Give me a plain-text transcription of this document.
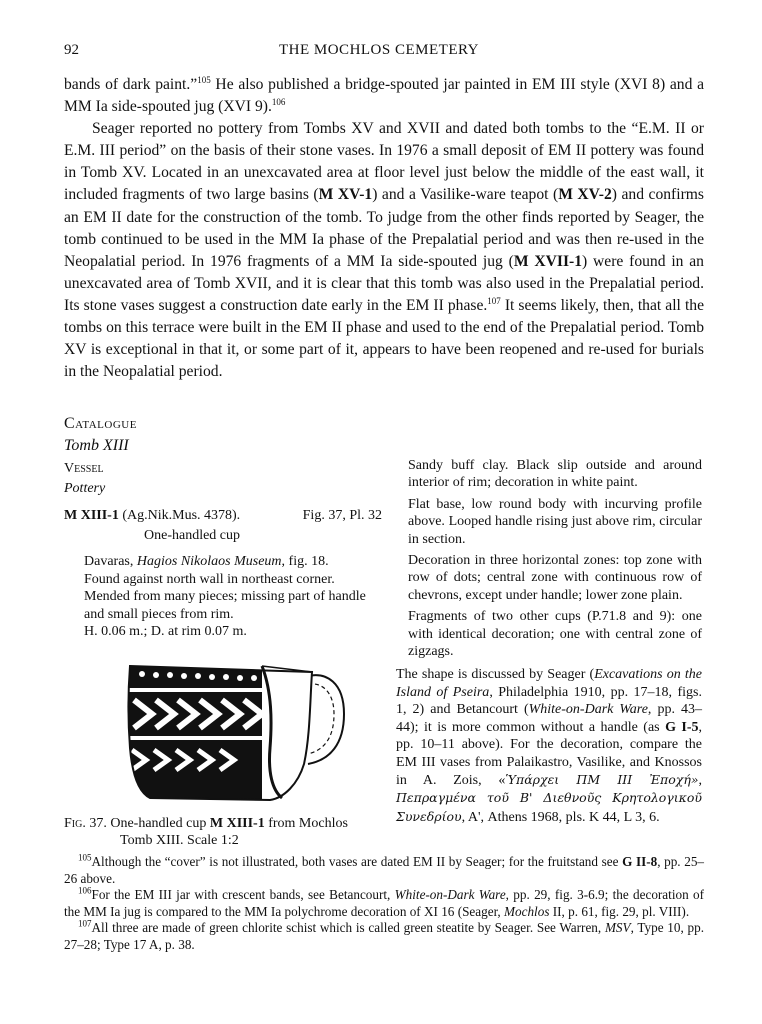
92	THE MOCHLOS CEMETERY

bands of dark paint.”$^{105}$ He also published a bridge-spouted jar painted in EM III style (XVI 8) and a MM Ia side-spouted jug (XVI 9).$^{106}$

Seager reported no pottery from Tombs XV and XVII and dated both tombs to the “E.M. II or E.M. III period” on the basis of their stone vases. In 1976 a small deposit of EM II pottery was found in Tomb XV. Located in an unexcavated area at floor level just below the middle of the east wall, it included fragments of two large basins (M XV-1) and a Vasilike-ware teapot (M XV-2) and confirms an EM II date for the construction of the tomb. To judge from the other finds reported by Seager, the tomb continued to be used in the MM Ia phase of the Prepalatial period and was then re-used in the Neopalatial period. In 1976 fragments of a MM Ia side-spouted jug (M XVII-1) were found in an unexcavated area of Tomb XVII, and it is clear that this tomb was also used in the Prepalatial period. Its stone vases suggest a construction date early in the EM II phase.$^{107}$ It seems likely, then, that all the tombs on this terrace were built in the EM II phase and used to the end of the Prepalatial period. Tomb XV is exceptional in that it, or some part of it, appears to have been reopened and re-used for burials in the Neopalatial period.

Catalogue
Tomb XIII
Vessel
Pottery
M XIII-1 (Ag.Nik.Mus. 4378).	Fig. 37, Pl. 32
One-handled cup

Davaras, Hagios Nikolaos Museum, fig. 18.

Found against north wall in northeast corner.

Mended from many pieces; missing part of handle and small pieces from rim.

H. 0.06 m.; D. at rim 0.07 m.

Fig. 37. One-handled cup M XIII-1 from Mochlos
Tomb XIII. Scale 1:2

Sandy buff clay. Black slip outside and around interior of rim; decoration in white paint.

Flat base, low round body with incurving profile above. Looped handle rising just above rim, circular in section.

Decoration in three horizontal zones: top zone with row of dots; central zone with continuous row of chevrons, except under handle; lower zone plain.

Fragments of two other cups (P.71.8 and 9): one with identical decoration; one with central zone of zigzags.

The shape is discussed by Seager (Excavations on the Island of Pseira, Philadelphia 1910, pp. 17–18, figs. 1, 2) and Betancourt (White-on-Dark Ware, pp. 43–44); it is more common without a handle (as G I-5, pp. 10–11 above). For the decoration, compare the EM III vases from Palaikastro, Vasilike, and Knossos in A. Zois, «Ὑπάρχει ΠΜ ΙΙΙ Ἐποχή», Πεπραγμένα τοῦ Β' Διεθνοῦς Κρητολογικοῦ Συνεδρίου, Α', Athens 1968, pls. K 44, L 3, 6.

$^{105}$Although the “cover” is not illustrated, both vases are dated EM II by Seager; for the fruitstand see G II-8, pp. 25–26 above.

$^{106}$For the EM III jar with crescent bands, see Betancourt, White-on-Dark Ware, pp. 29, fig. 3-6.9; the decoration of the MM Ia jug is compared to the MM Ia polychrome decoration of XI 16 (Seager, Mochlos II, p. 61, fig. 29, pl. VIII).

$^{107}$All three are made of green chlorite schist which is called green steatite by Seager. See Warren, MSV, Type 10, pp. 27–28; Type 17 A, p. 38.
